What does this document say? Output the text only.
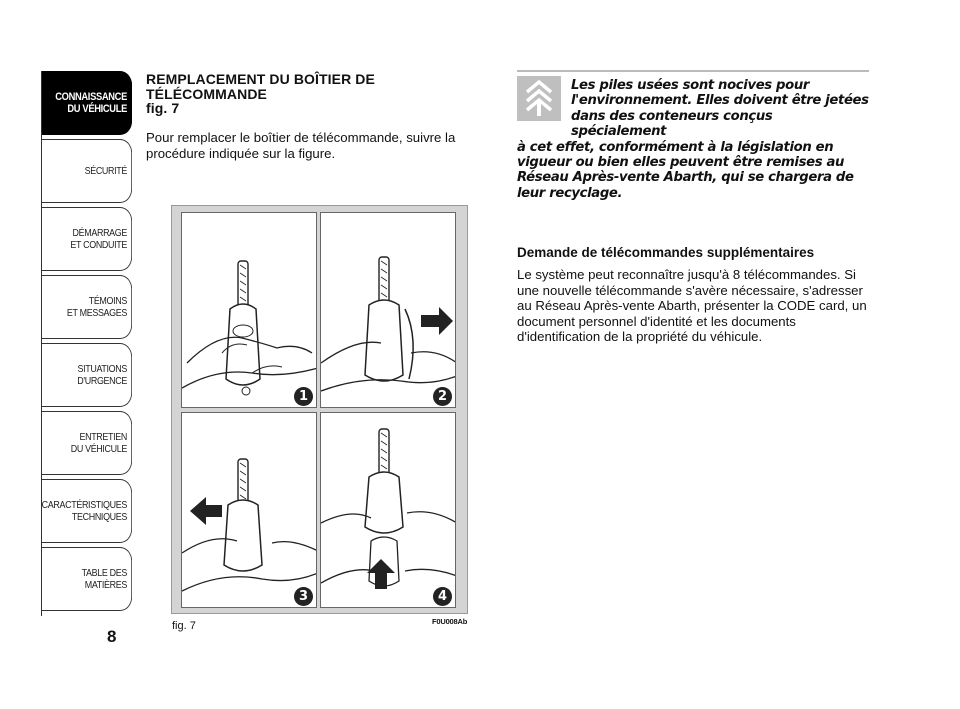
CONNAISSANCE
DU VÉHICULE
SÉCURITÉ
DÉMARRAGE
ET CONDUITE
TÉMOINS
ET MESSAGES
SITUATIONS
D'URGENCE
ENTRETIEN
DU VÉHICULE
CARACTÉRISTIQUES
TECHNIQUES
TABLE DES
MATIÈRES
8
REMPLACEMENT DU BOÎTIER DE
TÉLÉCOMMANDE
fig. 7
Pour remplacer le boîtier de télécommande, suivre la procédure indiquée sur la figure.
1	2
3	4
fig. 7	F0U008Ab
Les piles usées sont nocives pour
l'environnement. Elles doivent être jetées
dans des conteneurs conçus spécialement
à cet effet, conformément à la législation en vigueur ou bien elles peuvent être remises au Réseau Après-vente Abarth, qui se chargera de leur recyclage.
Demande de télécommandes supplémentaires
Le système peut reconnaître jusqu'à 8 télécommandes. Si une nouvelle télécommande s'avère nécessaire, s'adresser au Réseau Après-vente Abarth, présenter la CODE card, un document personnel d'identité et les documents d'identification de la propriété du véhicule.
